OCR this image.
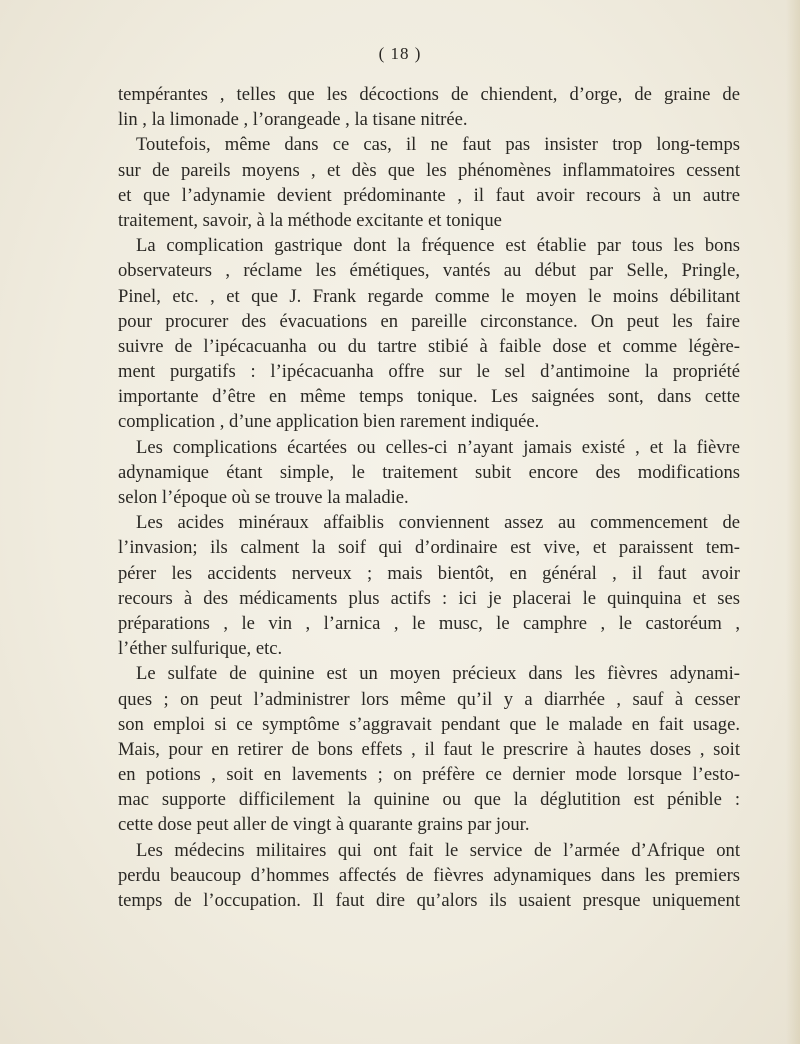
( 18 )
tempérantes , telles que les décoctions de chiendent, d’orge, de graine de
lin , la limonade , l’orangeade , la tisane nitrée.
Toutefois, même dans ce cas, il ne faut pas insister trop long-temps
sur de pareils moyens , et dès que les phénomènes inflammatoires cessent
et que l’adynamie devient prédominante , il faut avoir recours à un autre
traitement, savoir, à la méthode excitante et tonique
La complication gastrique dont la fréquence est établie par tous les bons
observateurs , réclame les émétiques, vantés au début par Selle, Pringle,
Pinel, etc. , et que J. Frank regarde comme le moyen le moins débilitant
pour procurer des évacuations en pareille circonstance. On peut les faire
suivre de l’ipécacuanha ou du tartre stibié à faible dose et comme légère-
ment purgatifs : l’ipécacuanha offre sur le sel d’antimoine la propriété
importante d’être en même temps tonique. Les saignées sont, dans cette
complication , d’une application bien rarement indiquée.
Les complications écartées ou celles-ci n’ayant jamais existé , et la fièvre
adynamique étant simple, le traitement subit encore des modifications
selon l’époque où se trouve la maladie.
Les acides minéraux affaiblis conviennent assez au commencement de
l’invasion; ils calment la soif qui d’ordinaire est vive, et paraissent tem-
pérer les accidents nerveux ; mais bientôt, en général , il faut avoir
recours à des médicaments plus actifs : ici je placerai le quinquina et ses
préparations , le vin , l’arnica , le musc, le camphre , le castoréum ,
l’éther sulfurique, etc.
Le sulfate de quinine est un moyen précieux dans les fièvres adynami-
ques ; on peut l’administrer lors même qu’il y a diarrhée , sauf à cesser
son emploi si ce symptôme s’aggravait pendant que le malade en fait usage.
Mais, pour en retirer de bons effets , il faut le prescrire à hautes doses , soit
en potions , soit en lavements ; on préfère ce dernier mode lorsque l’esto-
mac supporte difficilement la quinine ou que la déglutition est pénible :
cette dose peut aller de vingt à quarante grains par jour.
Les médecins militaires qui ont fait le service de l’armée d’Afrique ont
perdu beaucoup d’hommes affectés de fièvres adynamiques dans les premiers
temps de l’occupation. Il faut dire qu’alors ils usaient presque uniquement
